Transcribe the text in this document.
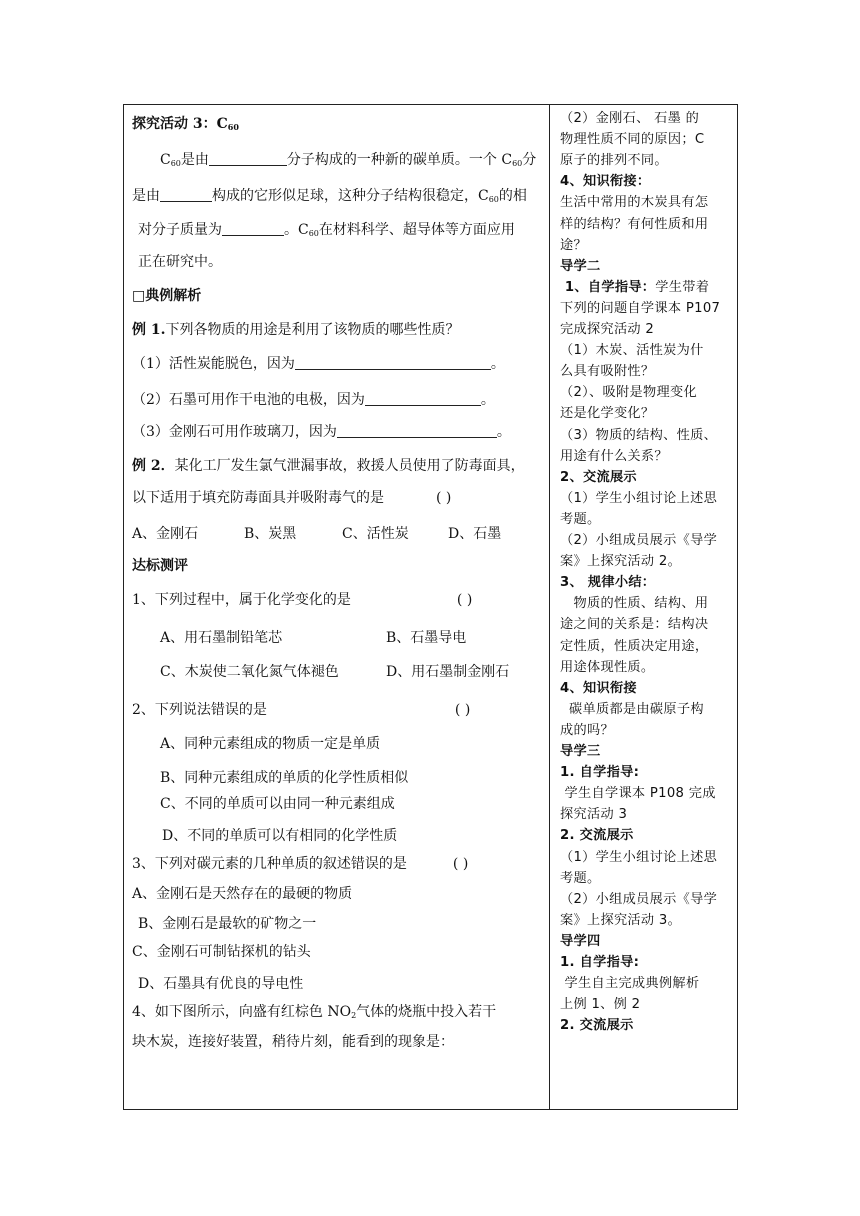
探究活动 3：$C_{60}$
$C_{60}$是由	分子构成的一种新的碳单质。一个 $C_{60}$分
是由	构成的它形似足球，这种分子结构很稳定，$C_{60}$的相
对分子质量为	。$C_{60}$在材料科学、超导体等方面应用
正在研究中。
□典例解析
例 1.下列各物质的用途是利用了该物质的哪些性质？
（1）活性炭能脱色，因为	。
（2）石墨可用作干电池的电极，因为	。
（3）金刚石可用作玻璃刀，因为	。
例 2．某化工厂发生氯气泄漏事故，救援人员使用了防毒面具，
以下适用于填充防毒面具并吸附毒气的是	( )
A、金刚石	B、炭黑	C、活性炭	D、石墨
达标测评
1、下列过程中，属于化学变化的是	( )
A、用石墨制铅笔芯	B、石墨导电
C、木炭使二氧化氮气体褪色	D、用石墨制金刚石
2、下列说法错误的是	( )
A、同种元素组成的物质一定是单质
B、同种元素组成的单质的化学性质相似
C、不同的单质可以由同一种元素组成
D、不同的单质可以有相同的化学性质
3、下列对碳元素的几种单质的叙述错误的是	( )
A、金刚石是天然存在的最硬的物质
B、金刚石是最软的矿物之一
C、金刚石可制钻探机的钻头
D、石墨具有优良的导电性
4、如下图所示，向盛有红棕色 $NO_2$气体的烧瓶中投入若干
块木炭，连接好装置，稍待片刻，能看到的现象是：
（2）金刚石、 石墨 的
物理性质不同的原因；C
原子的排列不同。
4、知识衔接：
生活中常用的木炭具有怎
样的结构？有何性质和用
途？
导学二
1、自学指导：学生带着
下列的问题自学课本 P107
完成探究活动 2
（1）木炭、活性炭为什
么具有吸附性？
（2）、吸附是物理变化
还是化学变化？
（3）物质的结构、性质、
用途有什么关系？
2、交流展示
（1）学生小组讨论上述思
考题。
（2）小组成员展示《导学
案》上探究活动 2。
3、 规律小结：
物质的性质、结构、用
途之间的关系是：结构决
定性质，性质决定用途，
用途体现性质。
4、知识衔接
碳单质都是由碳原子构
成的吗？
导学三
1. 自学指导:
学生自学课本 P108 完成
探究活动 3
2. 交流展示
（1）学生小组讨论上述思
考题。
（2）小组成员展示《导学
案》上探究活动 3。
导学四
1. 自学指导:
学生自主完成典例解析
上例 1、例 2
2. 交流展示
